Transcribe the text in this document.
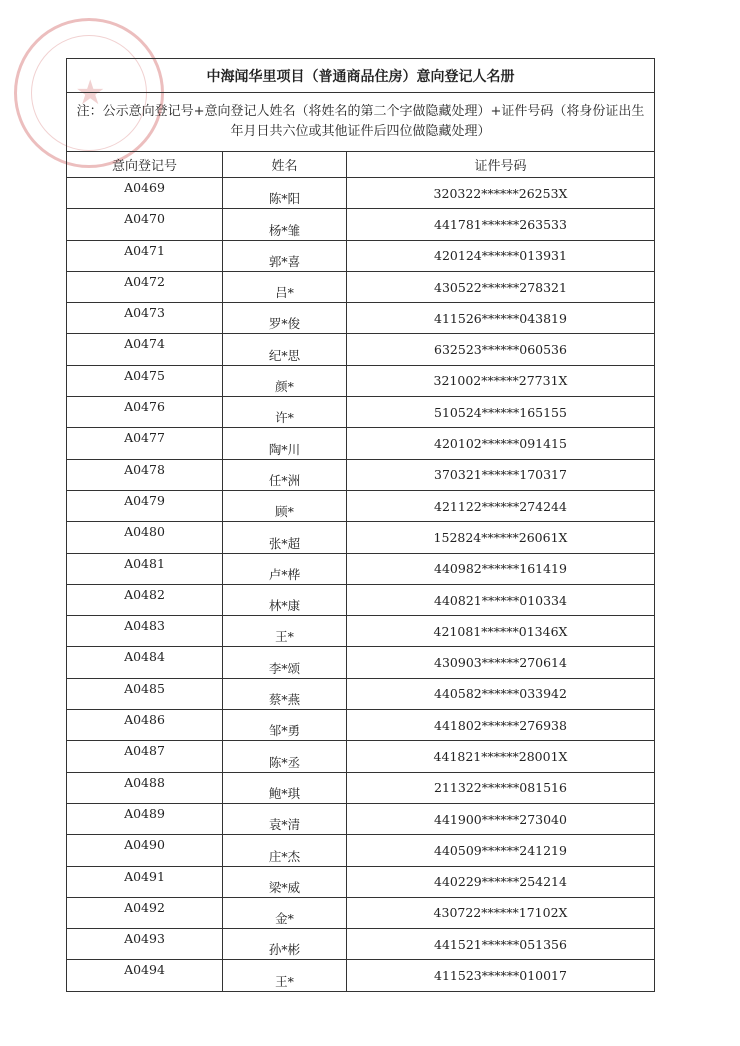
★	中海闻华里项目（普通商品住房）意向登记人名册		
注：公示意向登记号+意向登记人姓名（将姓名的第二个字做隐藏处理）+证件号码（将身份证出生年月日共六位或其他证件后四位做隐藏处理）		
意向登记号	姓名	证件号码
A0469	陈*阳	320322******26253X
A0470	杨*雏	441781******263533
A0471	郭*喜	420124******013931
A0472	吕*	430522******278321
A0473	罗*俊	411526******043819
A0474	纪*思	632523******060536
A0475	颜*	321002******27731X
A0476	许*	510524******165155
A0477	陶*川	420102******091415
A0478	任*洲	370321******170317
A0479	顾*	421122******274244
A0480	张*超	152824******26061X
A0481	卢*桦	440982******161419
A0482	林*康	440821******010334
A0483	王*	421081******01346X
A0484	李*颂	430903******270614
A0485	蔡*燕	440582******033942
A0486	邹*勇	441802******276938
A0487	陈*丞	441821******28001X
A0488	鲍*琪	211322******081516
A0489	袁*清	441900******273040
A0490	庄*杰	440509******241219
A0491	梁*威	440229******254214
A0492	金*	430722******17102X
A0493	孙*彬	441521******051356
A0494	王*	411523******010017
